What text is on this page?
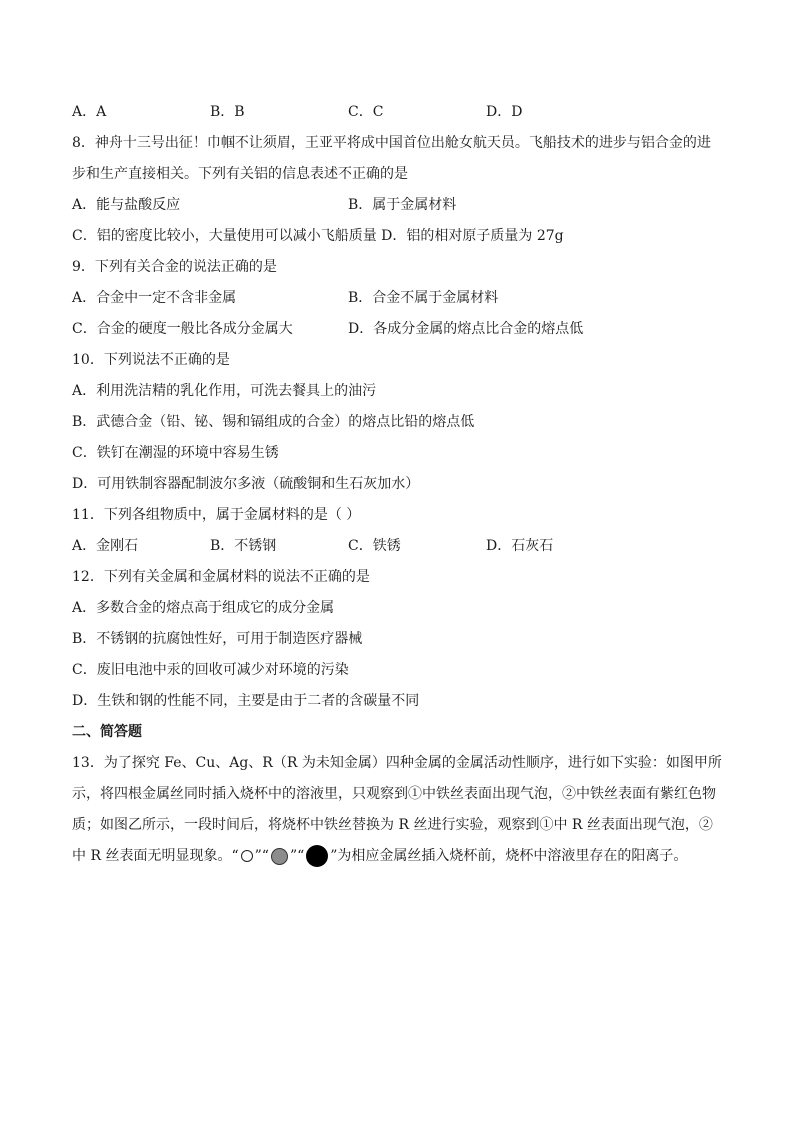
A．A	B．B	C．C	D．D
8．神舟十三号出征！巾帼不让须眉，王亚平将成中国首位出舱女航天员。飞船技术的进步与铝合金的进
步和生产直接相关。下列有关铝的信息表述不正确的是
A．能与盐酸反应	B．属于金属材料
C．铝的密度比较小，大量使用可以减小飞船质量 D．铝的相对原子质量为 27g
9．下列有关合金的说法正确的是
A．合金中一定不含非金属	B．合金不属于金属材料
C．合金的硬度一般比各成分金属大	D．各成分金属的熔点比合金的熔点低
10．下列说法不正确的是
A．利用洗洁精的乳化作用，可洗去餐具上的油污
B．武德合金（铅、铋、锡和镉组成的合金）的熔点比铅的熔点低
C．铁钉在潮湿的环境中容易生锈
D．可用铁制容器配制波尔多液（硫酸铜和生石灰加水）
11．下列各组物质中，属于金属材料的是（ ）
A．金刚石	B．不锈钢	C．铁锈	D．石灰石
12．下列有关金属和金属材料的说法不正确的是
A．多数合金的熔点高于组成它的成分金属
B．不锈钢的抗腐蚀性好，可用于制造医疗器械
C．废旧电池中汞的回收可减少对环境的污染
D．生铁和钢的性能不同，主要是由于二者的含碳量不同
二、简答题
13．为了探究 Fe、Cu、Ag、R（R 为未知金属）四种金属的金属活动性顺序，进行如下实验：如图甲所
示，将四根金属丝同时插入烧杯中的溶液里，只观察到①中铁丝表面出现气泡，②中铁丝表面有紫红色物
质；如图乙所示，一段时间后，将烧杯中铁丝替换为 R 丝进行实验，观察到①中 R 丝表面出现气泡，②
中 R 丝表面无明显现象。“ ”“ ”“ ”为相应金属丝插入烧杯前，烧杯中溶液里存在的阳离子。
